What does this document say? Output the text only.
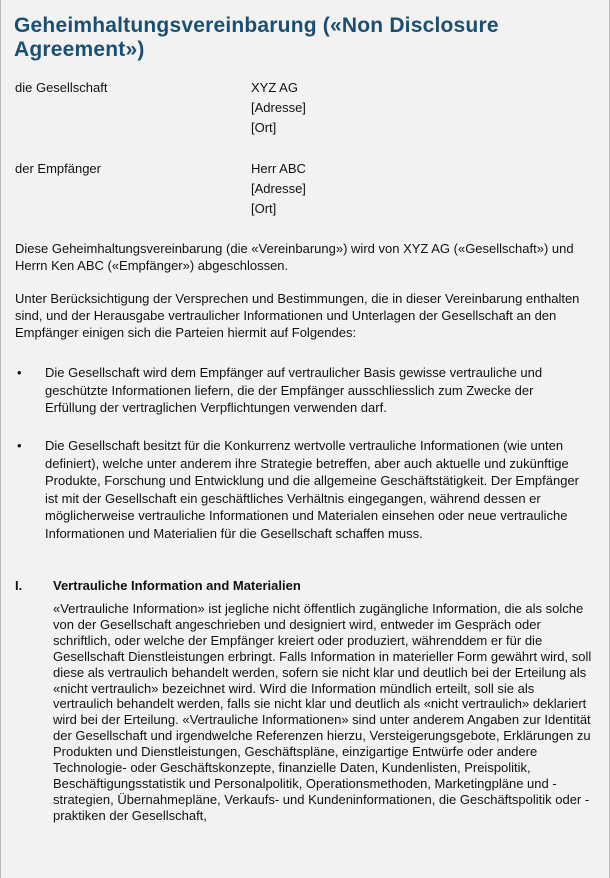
Geheimhaltungsvereinbarung («Non Disclosure Agreement»)
die Gesellschaft	XYZ AG
[Adresse]
[Ort]
der Empfänger	Herr ABC
[Adresse]
[Ort]
Diese Geheimhaltungsvereinbarung (die «Vereinbarung») wird von XYZ AG («Gesellschaft») und Herrn Ken ABC («Empfänger») abgeschlossen.
Unter Berücksichtigung der Versprechen und Bestimmungen, die in dieser Vereinbarung enthalten sind, und der Herausgabe vertraulicher Informationen und Unterlagen der Gesellschaft an den Empfänger einigen sich die Parteien hiermit auf Folgendes:
• Die Gesellschaft wird dem Empfänger auf vertraulicher Basis gewisse vertrauliche und geschützte Informationen liefern, die der Empfänger ausschliesslich zum Zwecke der Erfüllung der vertraglichen Verpflichtungen verwenden darf.
• Die Gesellschaft besitzt für die Konkurrenz wertvolle vertrauliche Informationen (wie unten definiert), welche unter anderem ihre Strategie betreffen, aber auch aktuelle und zukünftige Produkte, Forschung und Entwicklung und die allgemeine Geschäftstätigkeit. Der Empfänger ist mit der Gesellschaft ein geschäftliches Verhältnis eingegangen, während dessen er möglicherweise vertrauliche Informationen und Materialen einsehen oder neue vertrauliche Informationen und Materialien für die Gesellschaft schaffen muss.
I. Vertrauliche Information and Materialien
«Vertrauliche Information» ist jegliche nicht öffentlich zugängliche Information, die als solche von der Gesellschaft angeschrieben und designiert wird, entweder im Gespräch oder schriftlich, oder welche der Empfänger kreiert oder produziert, währenddem er für die Gesellschaft Dienstleistungen erbringt. Falls Information in materieller Form gewährt wird, soll diese als vertraulich behandelt werden, sofern sie nicht klar und deutlich bei der Erteilung als «nicht vertraulich» bezeichnet wird. Wird die Information mündlich erteilt, soll sie als vertraulich behandelt werden, falls sie nicht klar und deutlich als «nicht vertraulich» deklariert wird bei der Erteilung. «Vertrauliche Informationen» sind unter anderem Angaben zur Identität der Gesellschaft und irgendwelche Referenzen hierzu, Versteigerungsgebote, Erklärungen zu Produkten und Dienstleistungen, Geschäftspläne, einzigartige Entwürfe oder andere Technologie- oder Geschäftskonzepte, finanzielle Daten, Kundenlisten, Preispolitik, Beschäftigungsstatistik und Personalpolitik, Operationsmethoden, Marketingpläne und -strategien, Übernahmepläne, Verkaufs- und Kundeninformationen, die Geschäftspolitik oder -praktiken der Gesellschaft,
